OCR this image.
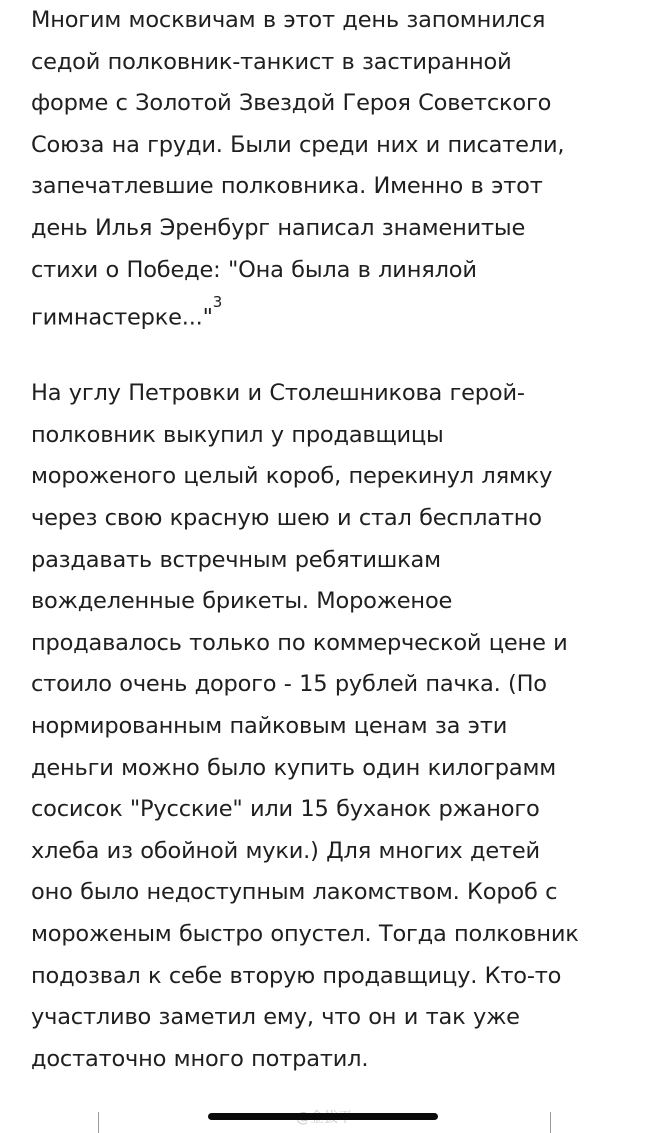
Многим москвичам в этот день запомнился
седой полковник-танкист в застиранной
форме с Золотой Звездой Героя Советского
Союза на груди. Были среди них и писатели,
запечатлевшие полковника. Именно в этот
день Илья Эренбург написал знаменитые
стихи о Победе: "Она была в линялой
гимнастерке..."$^3$

На углу Петровки и Столешникова герой-
полковник выкупил у продавщицы
мороженого целый короб, перекинул лямку
через свою красную шею и стал бесплатно
раздавать встречным ребятишкам
вожделенные брикеты. Мороженое
продавалось только по коммерческой цене и
стоило очень дорого - 15 рублей пачка. (По
нормированным пайковым ценам за эти
деньги можно было купить один килограмм
сосисок "Русские" или 15 буханок ржаного
хлеба из обойной муки.) Для многих детей
оно было недоступным лакомством. Короб с
мороженым быстро опустел. Тогда полковник
подозвал к себе вторую продавщицу. Кто-то
участливо заметил ему, что он и так уже
достаточно много потратил.
